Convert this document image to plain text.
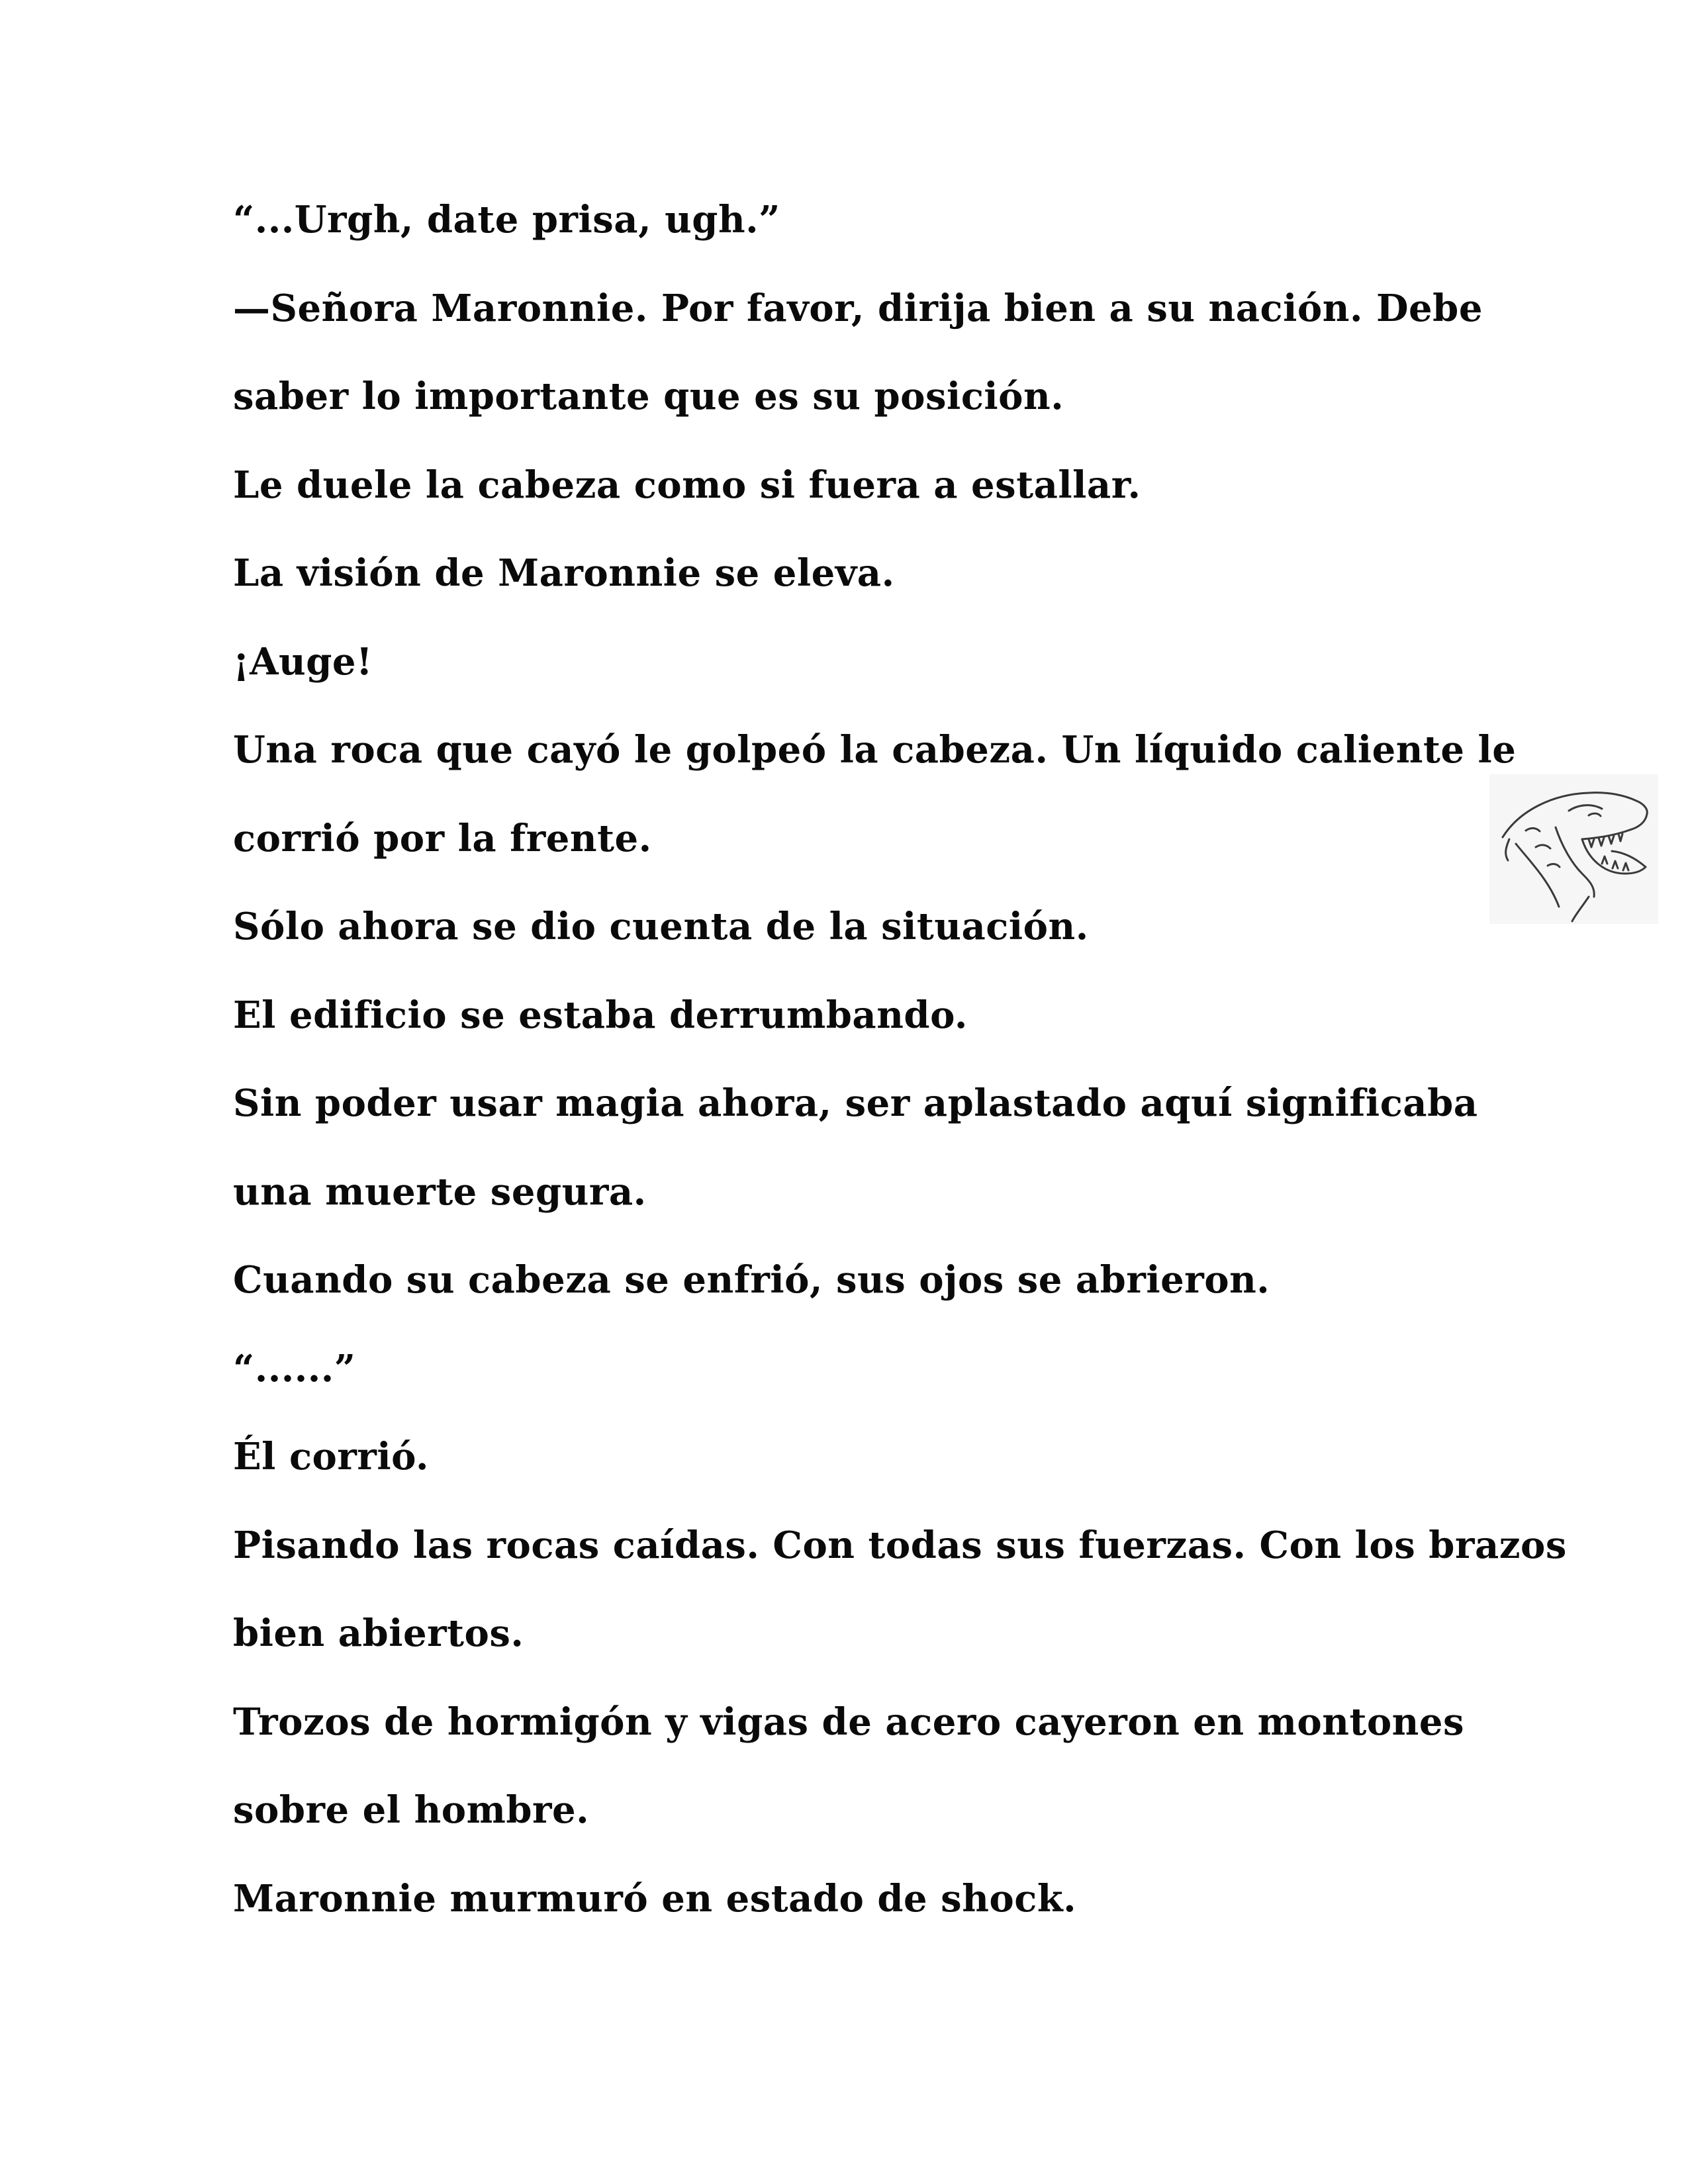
“...Urgh, date prisa, ugh.”
—Señora Maronnie. Por favor, dirija bien a su nación. Debe
saber lo importante que es su posición.
Le duele la cabeza como si fuera a estallar.
La visión de Maronnie se eleva.
¡Auge!
Una roca que cayó le golpeó la cabeza. Un líquido caliente le
corrió por la frente.
Sólo ahora se dio cuenta de la situación.
El edificio se estaba derrumbando.
Sin poder usar magia ahora, ser aplastado aquí significaba
una muerte segura.
Cuando su cabeza se enfrió, sus ojos se abrieron.
“......”
Él corrió.
Pisando las rocas caídas. Con todas sus fuerzas. Con los brazos
bien abiertos.
Trozos de hormigón y vigas de acero cayeron en montones
sobre el hombre.
Maronnie murmuró en estado de shock.
